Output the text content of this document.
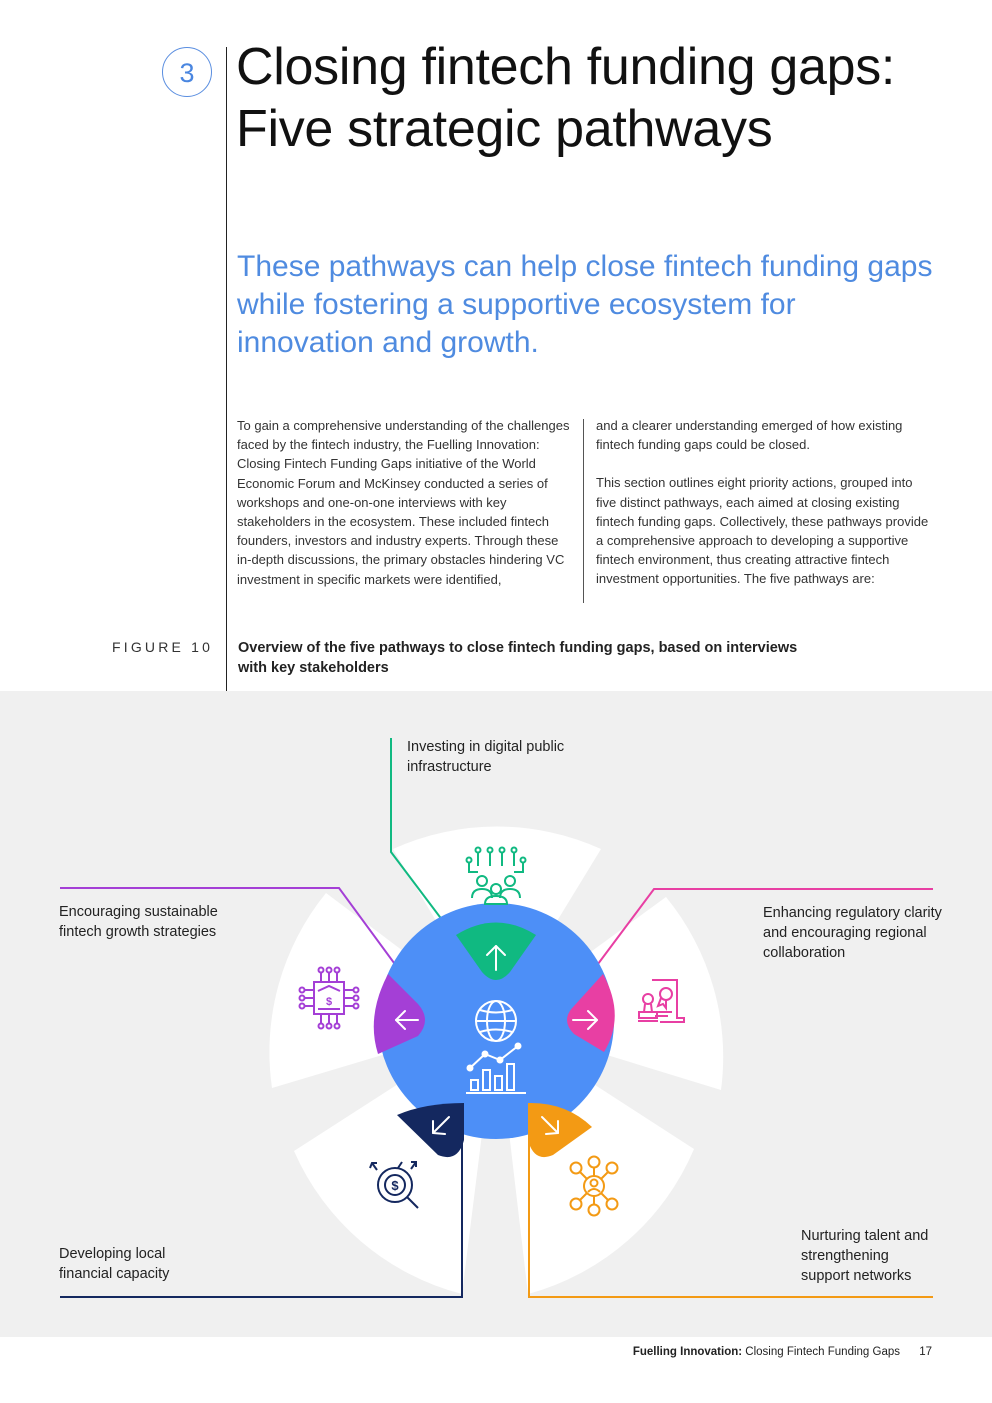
3 Closing fintech funding gaps: Five strategic pathways
These pathways can help close fintech funding gaps while fostering a supportive ecosystem for innovation and growth.

To gain a comprehensive understanding of the challenges faced by the fintech industry, the Fuelling Innovation: Closing Fintech Funding Gaps initiative of the World Economic Forum and McKinsey conducted a series of workshops and one-on-one interviews with key stakeholders in the ecosystem. These included fintech founders, investors and industry experts. Through these in-depth discussions, the primary obstacles hindering VC investment in specific markets were identified,

and a clearer understanding emerged of how existing fintech funding gaps could be closed.

This section outlines eight priority actions, grouped into five distinct pathways, each aimed at closing existing fintech funding gaps. Collectively, these pathways provide a comprehensive approach to developing a supportive fintech environment, thus creating attractive fintech investment opportunities. The five pathways are:

FIGURE 10 Overview of the five pathways to close fintech funding gaps, based on interviews with key stakeholders

$
$

Investing in digital public infrastructure

Enhancing regulatory clarity and encouraging regional collaboration

Nurturing talent and strengthening support networks

Developing local financial capacity

Encouraging sustainable fintech growth strategies

Fuelling Innovation: Closing Fintech Funding Gaps 17
